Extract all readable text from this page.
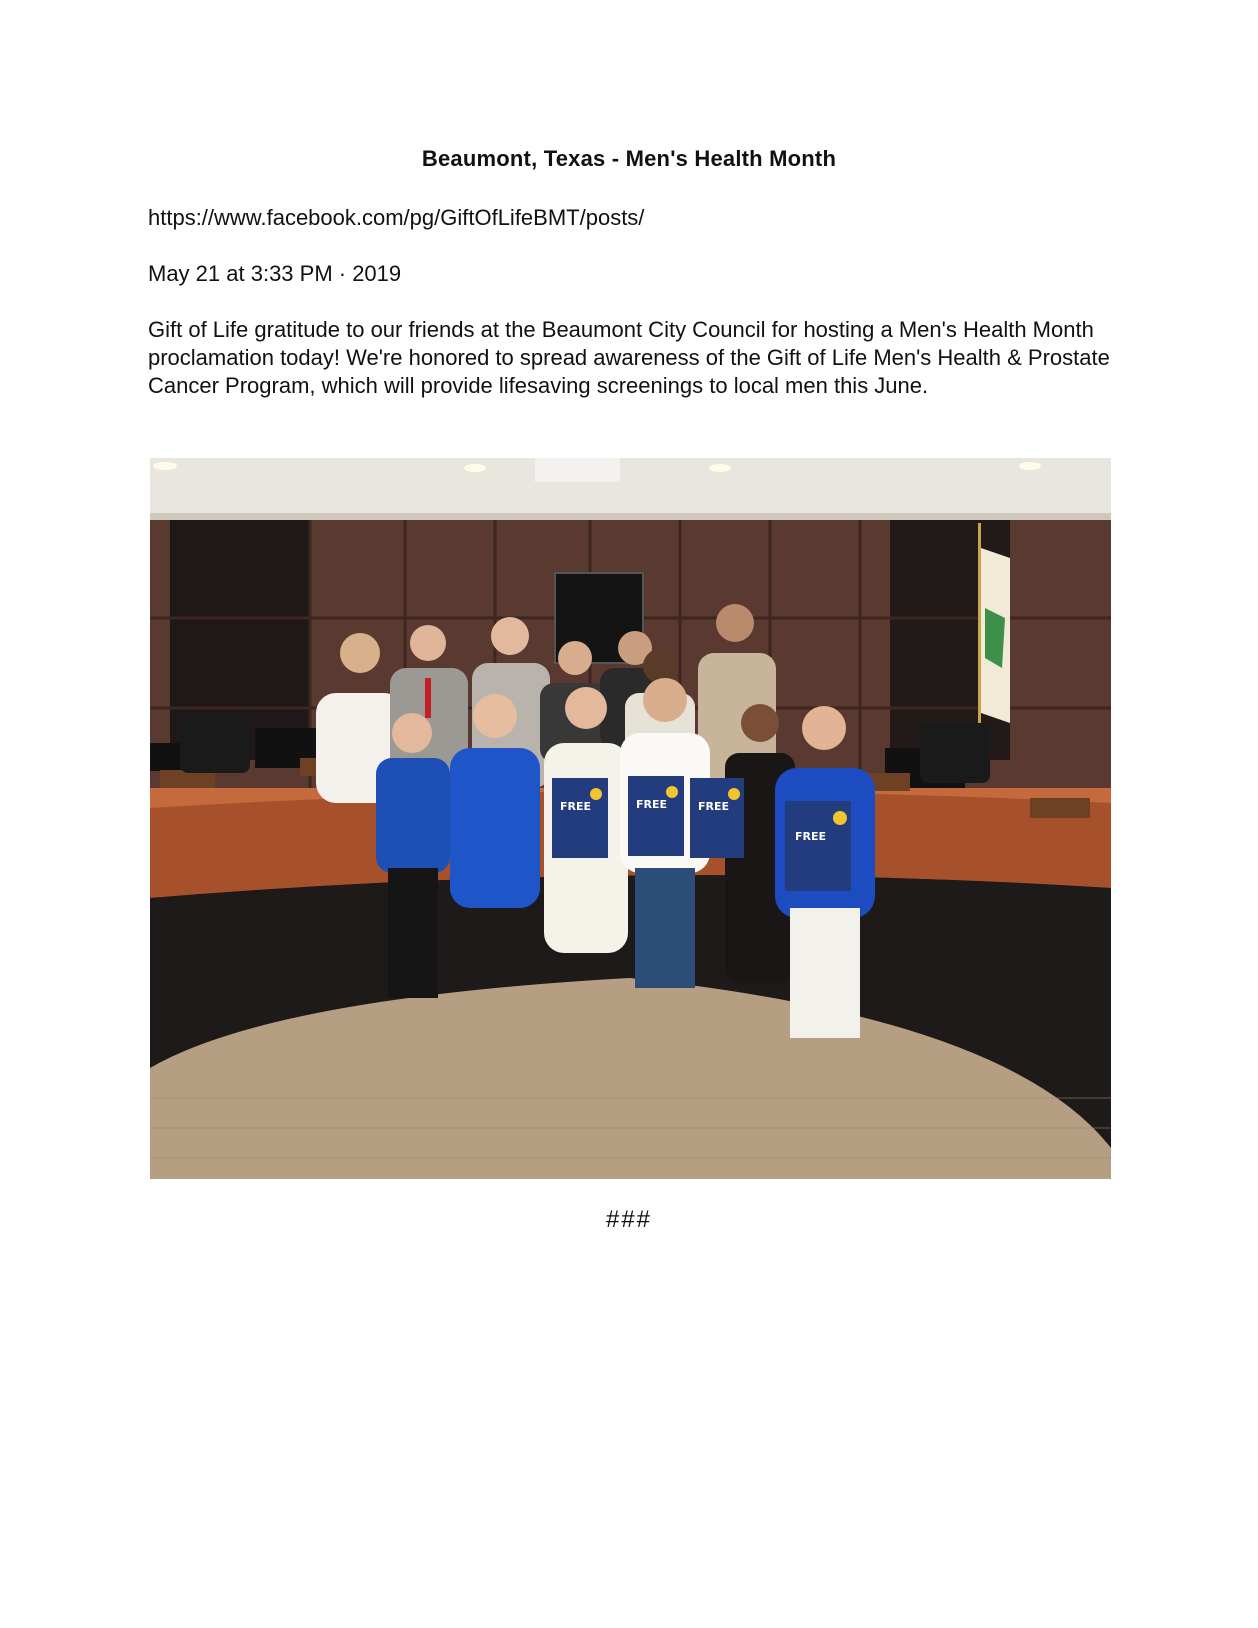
Beaumont, Texas - Men's Health Month
https://www.facebook.com/pg/GiftOfLifeBMT/posts/
May 21 at 3:33 PM · 2019
Gift of Life gratitude to our friends at the Beaumont City Council for hosting a Men's Health Month proclamation today! We're honored to spread awareness of the Gift of Life Men's Health & Prostate Cancer Program, which will provide lifesaving screenings to local men this June.
FREE	FREE	FREE
FREE
###
